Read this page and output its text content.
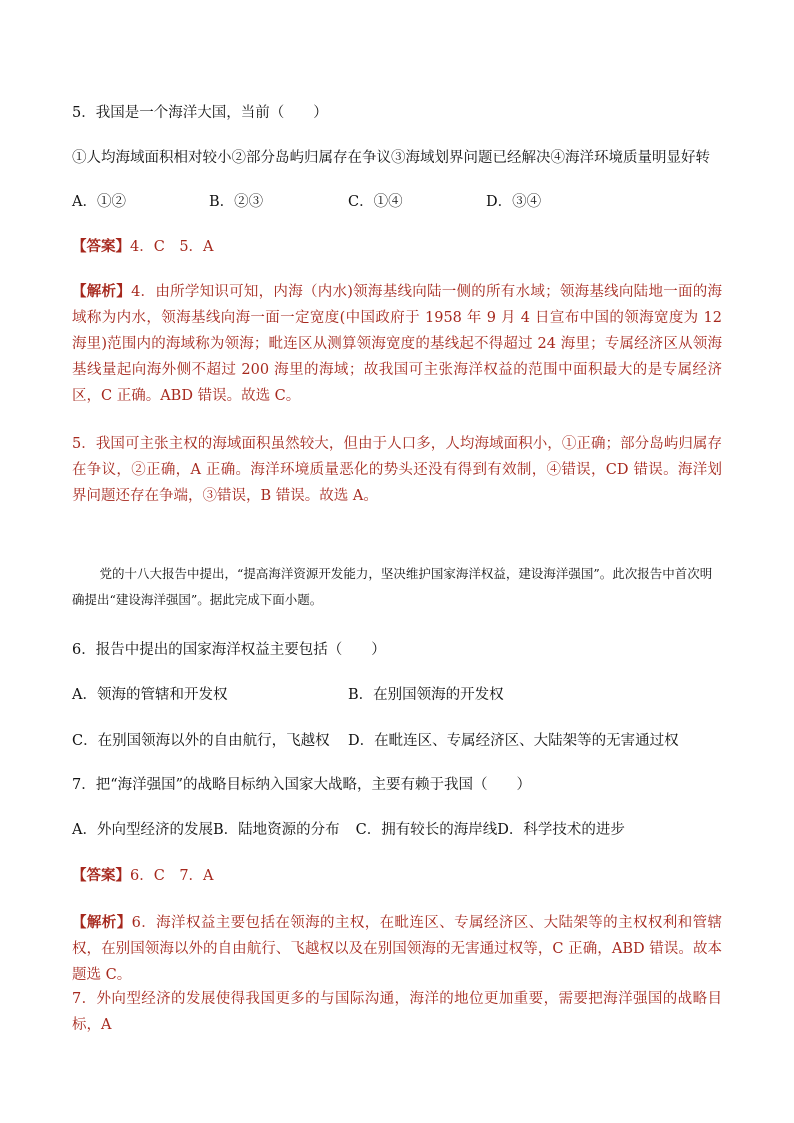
5．我国是一个海洋大国，当前（　　）
①人均海域面积相对较小②部分岛屿归属存在争议③海域划界问题已经解决④海洋环境质量明显好转
A．①②	B．②③	C．①④	D．③④
【答案】4．C　5．A
【解析】4．由所学知识可知，内海（内水)领海基线向陆一侧的所有水域；领海基线向陆地一面的海域称为内水，领海基线向海一面一定宽度(中国政府于 1958 年 9 月 4 日宣布中国的领海宽度为 12 海里)范围内的海域称为领海；毗连区从测算领海宽度的基线起不得超过 24 海里；专属经济区从领海基线量起向海外侧不超过 200 海里的海域；故我国可主张海洋权益的范围中面积最大的是专属经济区，C 正确。ABD 错误。故选 C。
5．我国可主张主权的海域面积虽然较大，但由于人口多，人均海域面积小，①正确；部分岛屿归属存在争议，②正确，A 正确。海洋环境质量恶化的势头还没有得到有效制，④错误，CD 错误。海洋划界问题还存在争端，③错误，B 错误。故选 A。
党的十八大报告中提出，“提高海洋资源开发能力，坚决维护国家海洋权益，建设海洋强国”。此次报告中首次明确提出“建设海洋强国”。据此完成下面小题。
6．报告中提出的国家海洋权益主要包括（　　）
A．领海的管辖和开发权	B．在别国领海的开发权
C．在别国领海以外的自由航行，飞越权 D．在毗连区、专属经济区、大陆架等的无害通过权
7．把“海洋强国”的战略目标纳入国家大战略，主要有赖于我国（　　）
A．外向型经济的发展B．陆地资源的分布 C．拥有较长的海岸线D．科学技术的进步
【答案】6．C　7．A
【解析】6．海洋权益主要包括在领海的主权，在毗连区、专属经济区、大陆架等的主权权利和管辖权，在别国领海以外的自由航行、飞越权以及在别国领海的无害通过权等，C 正确，ABD 错误。故本题选 C。
7．外向型经济的发展使得我国更多的与国际沟通，海洋的地位更加重要，需要把海洋强国的战略目标，A
